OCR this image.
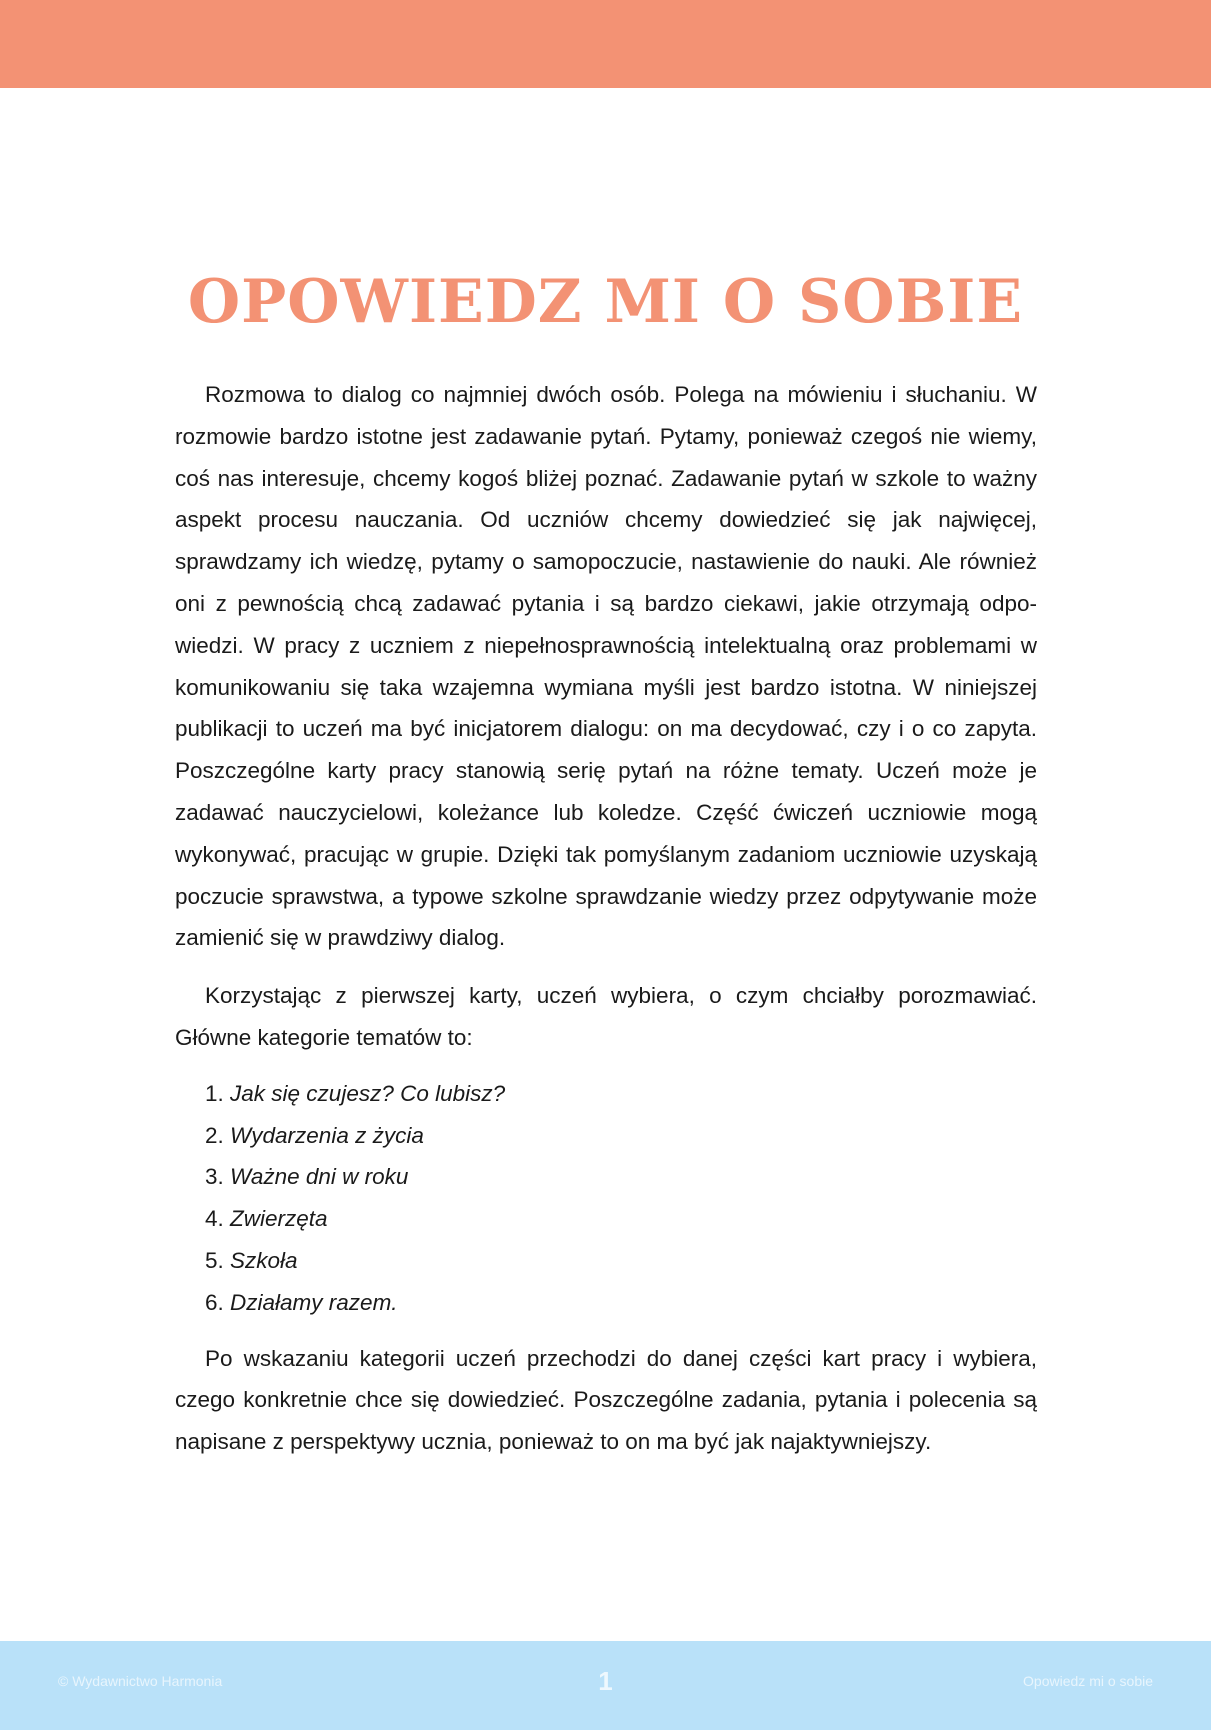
OPOWIEDZ MI O SOBIE

Rozmowa to dialog co najmniej dwóch osób. Polega na mówieniu i słuchaniu. W rozmowie bardzo istotne jest zadawanie pytań. Pytamy, ponieważ czegoś nie wiemy, coś nas interesuje, chcemy kogoś bliżej poznać. Zadawanie pytań w szkole to ważny aspekt procesu nauczania. Od uczniów chcemy dowiedzieć się jak najwięcej, sprawdzamy ich wiedzę, pytamy o samopoczucie, nastawienie do nauki. Ale również oni z pewnością chcą zadawać pytania i są bardzo ciekawi, jakie otrzymają odpowiedzi. W pracy z uczniem z niepełnosprawnością intelektualną oraz problemami w komunikowaniu się taka wzajemna wymiana myśli jest bardzo istotna. W niniejszej publikacji to uczeń ma być inicjatorem dialogu: on ma decydować, czy i o co zapyta. Poszczególne karty pracy stanowią serię pytań na różne tematy. Uczeń może je zadawać nauczycielowi, koleżance lub koledze. Część ćwiczeń uczniowie mogą wykonywać, pracując w grupie. Dzięki tak pomyślanym zadaniom uczniowie uzyskają poczucie sprawstwa, a typowe szkolne sprawdzanie wiedzy przez odpytywanie może zamienić się w prawdziwy dialog.

Korzystając z pierwszej karty, uczeń wybiera, o czym chciałby porozmawiać. Główne kategorie tematów to:

1. Jak się czujesz? Co lubisz?
2. Wydarzenia z życia
3. Ważne dni w roku
4. Zwierzęta
5. Szkoła
6. Działamy razem.

Po wskazaniu kategorii uczeń przechodzi do danej części kart pracy i wybiera, czego konkretnie chce się dowiedzieć. Poszczególne zadania, pytania i polecenia są napisane z perspektywy ucznia, ponieważ to on ma być jak najaktywniejszy.

© Wydawnictwo Harmonia	1	Opowiedz mi o sobie
